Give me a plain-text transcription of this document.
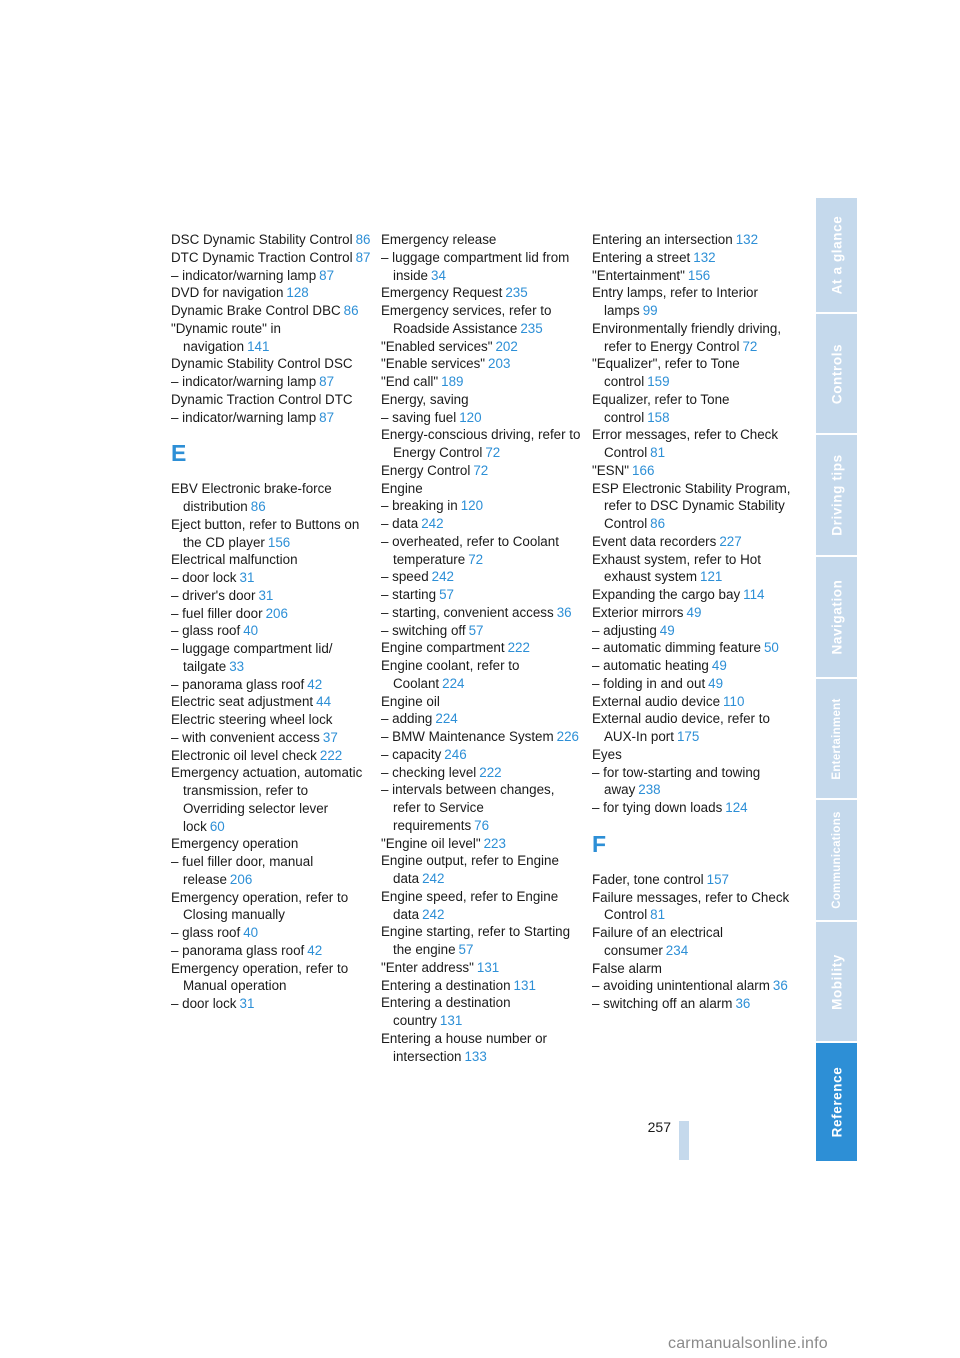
DSC Dynamic Stability Control 86
DTC Dynamic Traction Control 87
– indicator/warning lamp 87
DVD for navigation 128
Dynamic Brake Control DBC 86
"Dynamic route" in navigation 141
Dynamic Stability Control DSC
– indicator/warning lamp 87
Dynamic Traction Control DTC
– indicator/warning lamp 87
E
EBV Electronic brake-force distribution 86
Eject button, refer to Buttons on the CD player 156
Electrical malfunction
– door lock 31
– driver's door 31
– fuel filler door 206
– glass roof 40
– luggage compartment lid/ tailgate 33
– panorama glass roof 42
Electric seat adjustment 44
Electric steering wheel lock
– with convenient access 37
Electronic oil level check 222
Emergency actuation, automatic transmission, refer to Overriding selector lever lock 60
Emergency operation
– fuel filler door, manual release 206
Emergency operation, refer to Closing manually
– glass roof 40
– panorama glass roof 42
Emergency operation, refer to Manual operation
– door lock 31
Emergency release
– luggage compartment lid from inside 34
Emergency Request 235
Emergency services, refer to Roadside Assistance 235
"Enabled services" 202
"Enable services" 203
"End call" 189
Energy, saving
– saving fuel 120
Energy-conscious driving, refer to Energy Control 72
Energy Control 72
Engine
– breaking in 120
– data 242
– overheated, refer to Coolant temperature 72
– speed 242
– starting 57
– starting, convenient access 36
– switching off 57
Engine compartment 222
Engine coolant, refer to Coolant 224
Engine oil
– adding 224
– BMW Maintenance System 226
– capacity 246
– checking level 222
– intervals between changes, refer to Service requirements 76
"Engine oil level" 223
Engine output, refer to Engine data 242
Engine speed, refer to Engine data 242
Engine starting, refer to Starting the engine 57
"Enter address" 131
Entering a destination 131
Entering a destination country 131
Entering a house number or intersection 133
Entering an intersection 132
Entering a street 132
"Entertainment" 156
Entry lamps, refer to Interior lamps 99
Environmentally friendly driving, refer to Energy Control 72
"Equalizer", refer to Tone control 159
Equalizer, refer to Tone control 158
Error messages, refer to Check Control 81
"ESN" 166
ESP Electronic Stability Program, refer to DSC Dynamic Stability Control 86
Event data recorders 227
Exhaust system, refer to Hot exhaust system 121
Expanding the cargo bay 114
Exterior mirrors 49
– adjusting 49
– automatic dimming feature 50
– automatic heating 49
– folding in and out 49
External audio device 110
External audio device, refer to AUX-In port 175
Eyes
– for tow-starting and towing away 238
– for tying down loads 124
F
Fader, tone control 157
Failure messages, refer to Check Control 81
Failure of an electrical consumer 234
False alarm
– avoiding unintentional alarm 36
– switching off an alarm 36
At a glance
Controls
Driving tips
Navigation
Entertainment
Communications
Mobility
Reference
257
carmanualsonline.info
